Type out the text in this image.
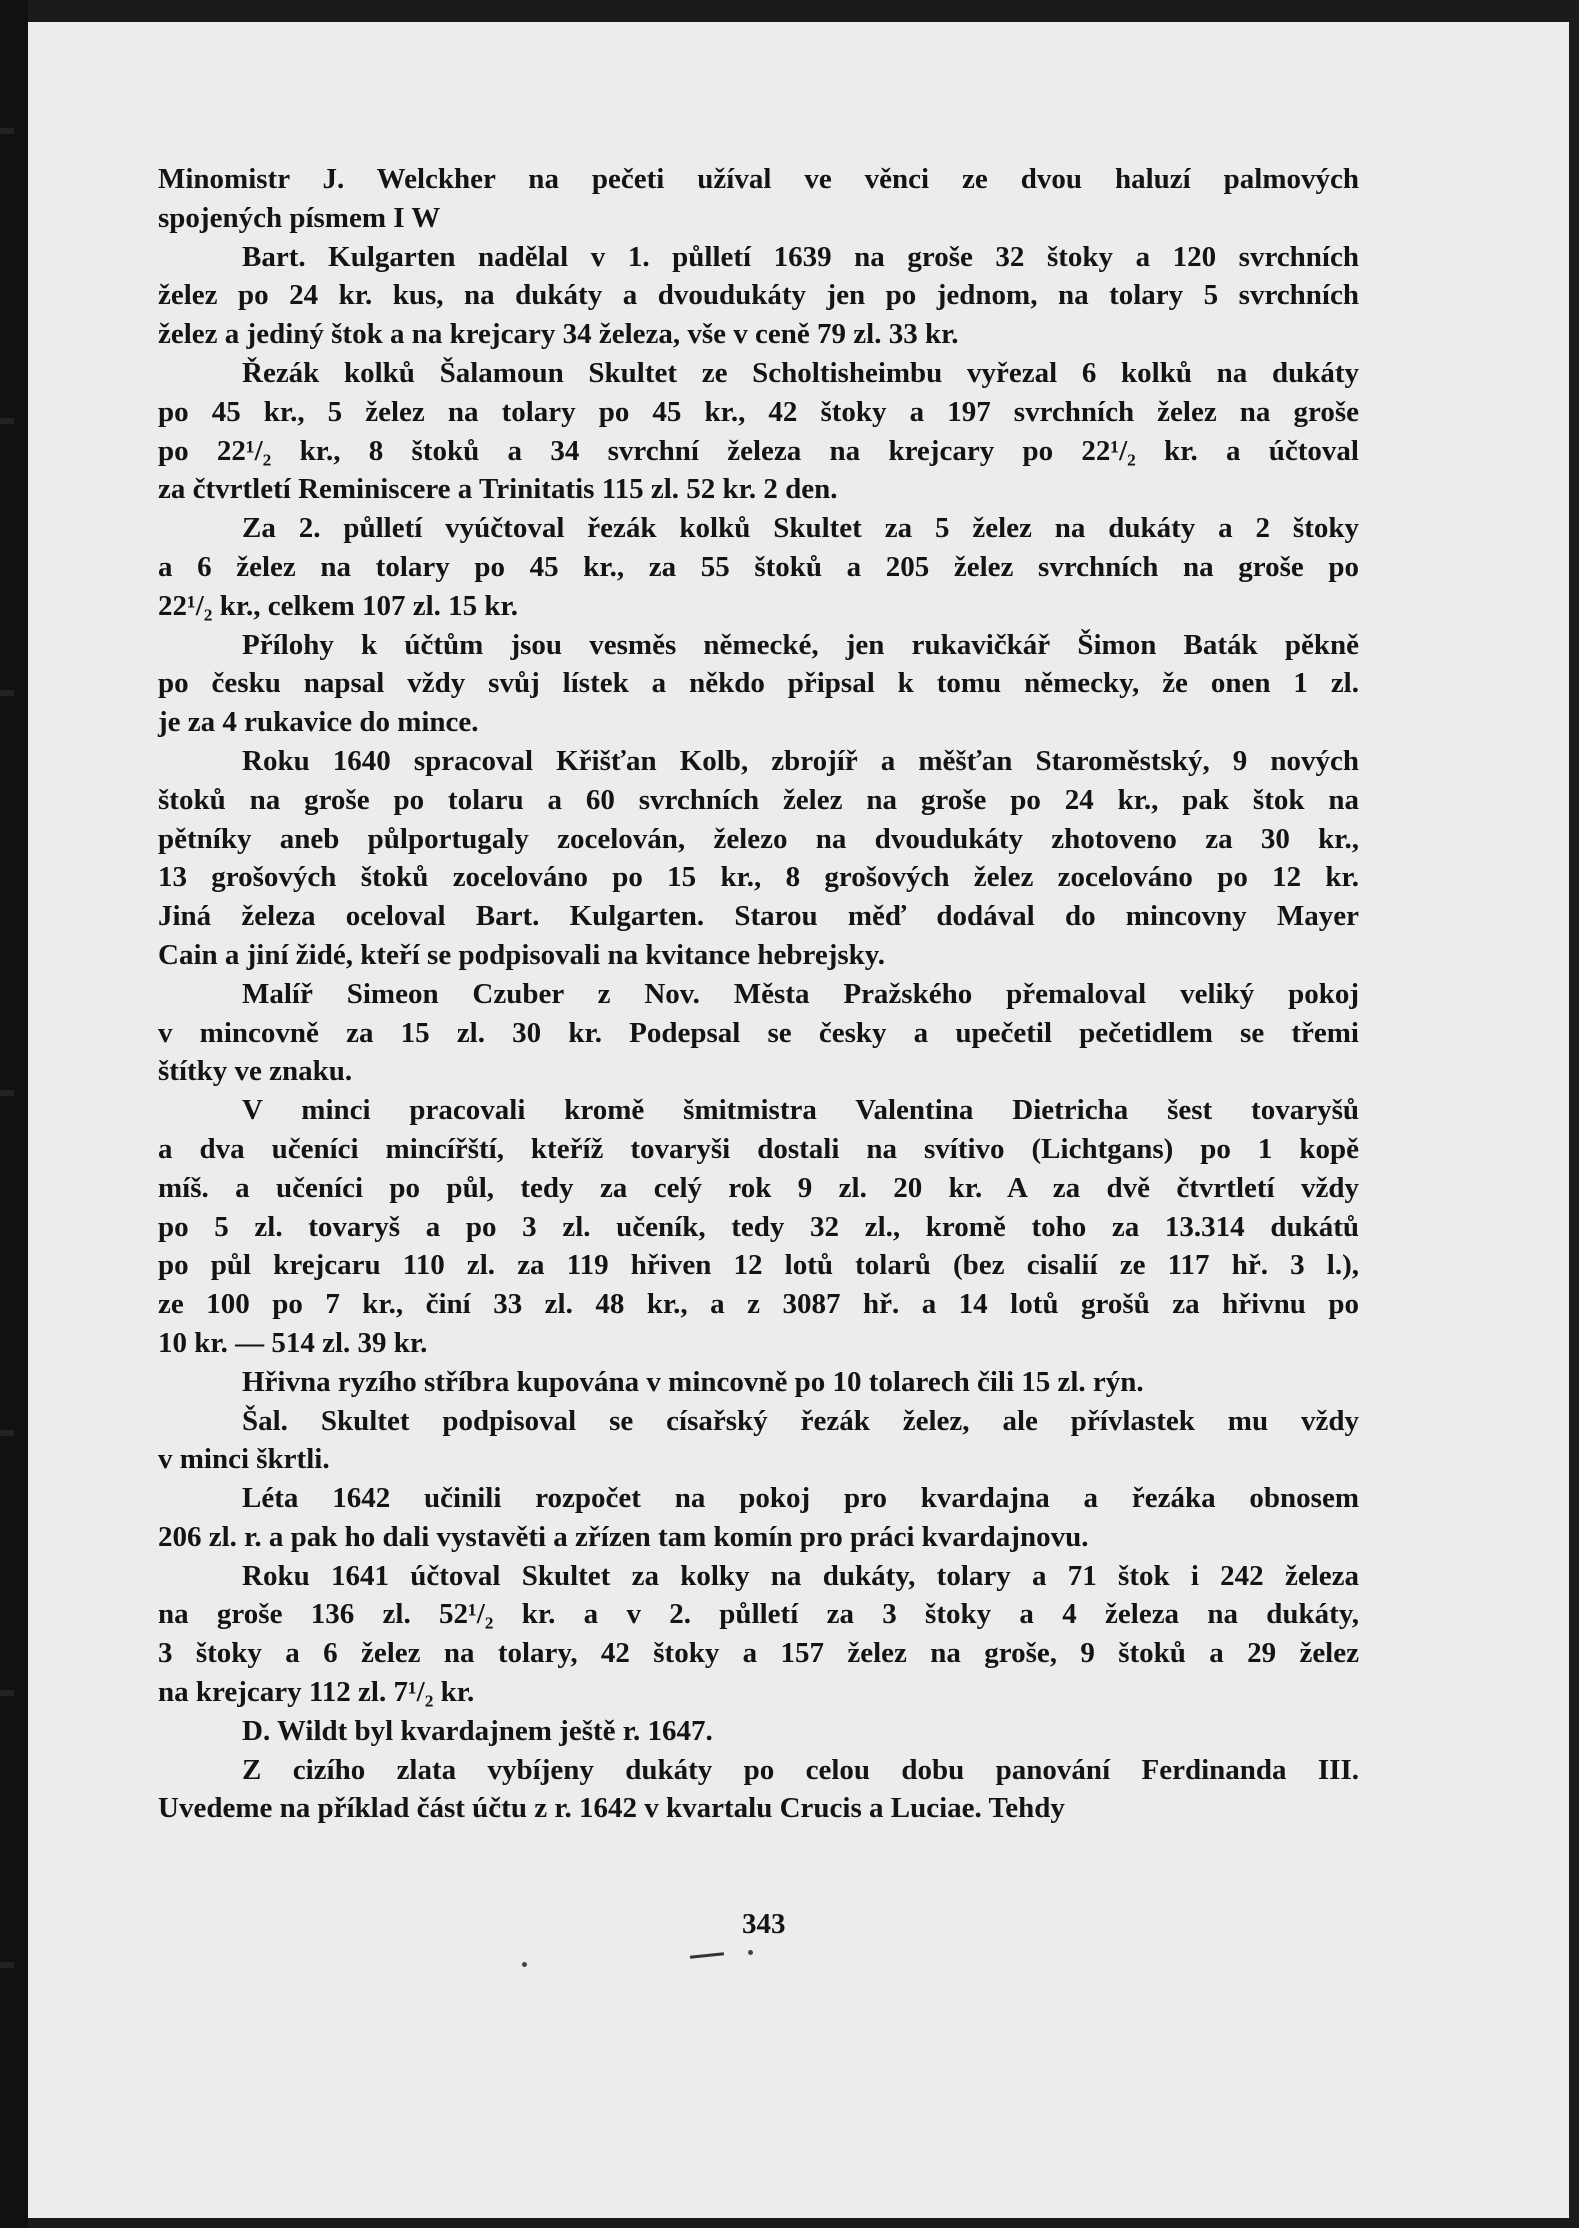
Minomistr J. Welckher na pečeti užíval ve věnci ze dvou haluzí palmových
spojených písmem I W
Bart. Kulgarten nadělal v 1. půlletí 1639 na groše 32 štoky a 120 svrchních
želez po 24 kr. kus, na dukáty a dvoudukáty jen po jednom, na tolary 5 svrchních
želez a jediný štok a na krejcary 34 železa, vše v ceně 79 zl. 33 kr.
Řezák kolků Šalamoun Skultet ze Scholtisheimbu vyřezal 6 kolků na dukáty
po 45 kr., 5 želez na tolary po 45 kr., 42 štoky a 197 svrchních želez na groše
po 22¹/₂ kr., 8 štoků a 34 svrchní železa na krejcary po 22¹/₂ kr. a účtoval
za čtvrtletí Reminiscere a Trinitatis 115 zl. 52 kr. 2 den.
Za 2. půlletí vyúčtoval řezák kolků Skultet za 5 želez na dukáty a 2 štoky
a 6 želez na tolary po 45 kr., za 55 štoků a 205 želez svrchních na groše po
22¹/₂ kr., celkem 107 zl. 15 kr.
Přílohy k účtům jsou vesměs německé, jen rukavičkář Šimon Baták pěkně
po česku napsal vždy svůj lístek a někdo připsal k tomu německy, že onen 1 zl.
je za 4 rukavice do mince.
Roku 1640 spracoval Křišťan Kolb, zbrojíř a měšťan Staroměstský, 9 nových
štoků na groše po tolaru a 60 svrchních želez na groše po 24 kr., pak štok na
pětníky aneb půlportugaly zocelován, železo na dvoudukáty zhotoveno za 30 kr.,
13 grošových štoků zocelováno po 15 kr., 8 grošových želez zocelováno po 12 kr.
Jiná železa oceloval Bart. Kulgarten. Starou měď dodával do mincovny Mayer
Cain a jiní židé, kteří se podpisovali na kvitance hebrejsky.
Malíř Simeon Czuber z Nov. Města Pražského přemaloval veliký pokoj
v mincovně za 15 zl. 30 kr. Podepsal se česky a upečetil pečetidlem se třemi
štítky ve znaku.
V minci pracovali kromě šmitmistra Valentina Dietricha šest tovaryšů
a dva učeníci mincířští, kteříž tovaryši dostali na svítivo (Lichtgans) po 1 kopě
míš. a učeníci po půl, tedy za celý rok 9 zl. 20 kr. A za dvě čtvrtletí vždy
po 5 zl. tovaryš a po 3 zl. učeník, tedy 32 zl., kromě toho za 13.314 dukátů
po půl krejcaru 110 zl. za 119 hřiven 12 lotů tolarů (bez cisalií ze 117 hř. 3 l.),
ze 100 po 7 kr., činí 33 zl. 48 kr., a z 3087 hř. a 14 lotů grošů za hřivnu po
10 kr. — 514 zl. 39 kr.
Hřivna ryzího stříbra kupována v mincovně po 10 tolarech čili 15 zl. rýn.
Šal. Skultet podpisoval se císařský řezák želez, ale přívlastek mu vždy
v minci škrtli.
Léta 1642 učinili rozpočet na pokoj pro kvardajna a řezáka obnosem
206 zl. r. a pak ho dali vystavěti a zřízen tam komín pro práci kvardajnovu.
Roku 1641 účtoval Skultet za kolky na dukáty, tolary a 71 štok i 242 železa
na groše 136 zl. 52¹/₂ kr. a v 2. půlletí za 3 štoky a 4 železa na dukáty,
3 štoky a 6 želez na tolary, 42 štoky a 157 želez na groše, 9 štoků a 29 želez
na krejcary 112 zl. 7¹/₂ kr.
D. Wildt byl kvardajnem ještě r. 1647.
Z cizího zlata vybíjeny dukáty po celou dobu panování Ferdinanda III.
Uvedeme na příklad část účtu z r. 1642 v kvartalu Crucis a Luciae. Tehdy
343
